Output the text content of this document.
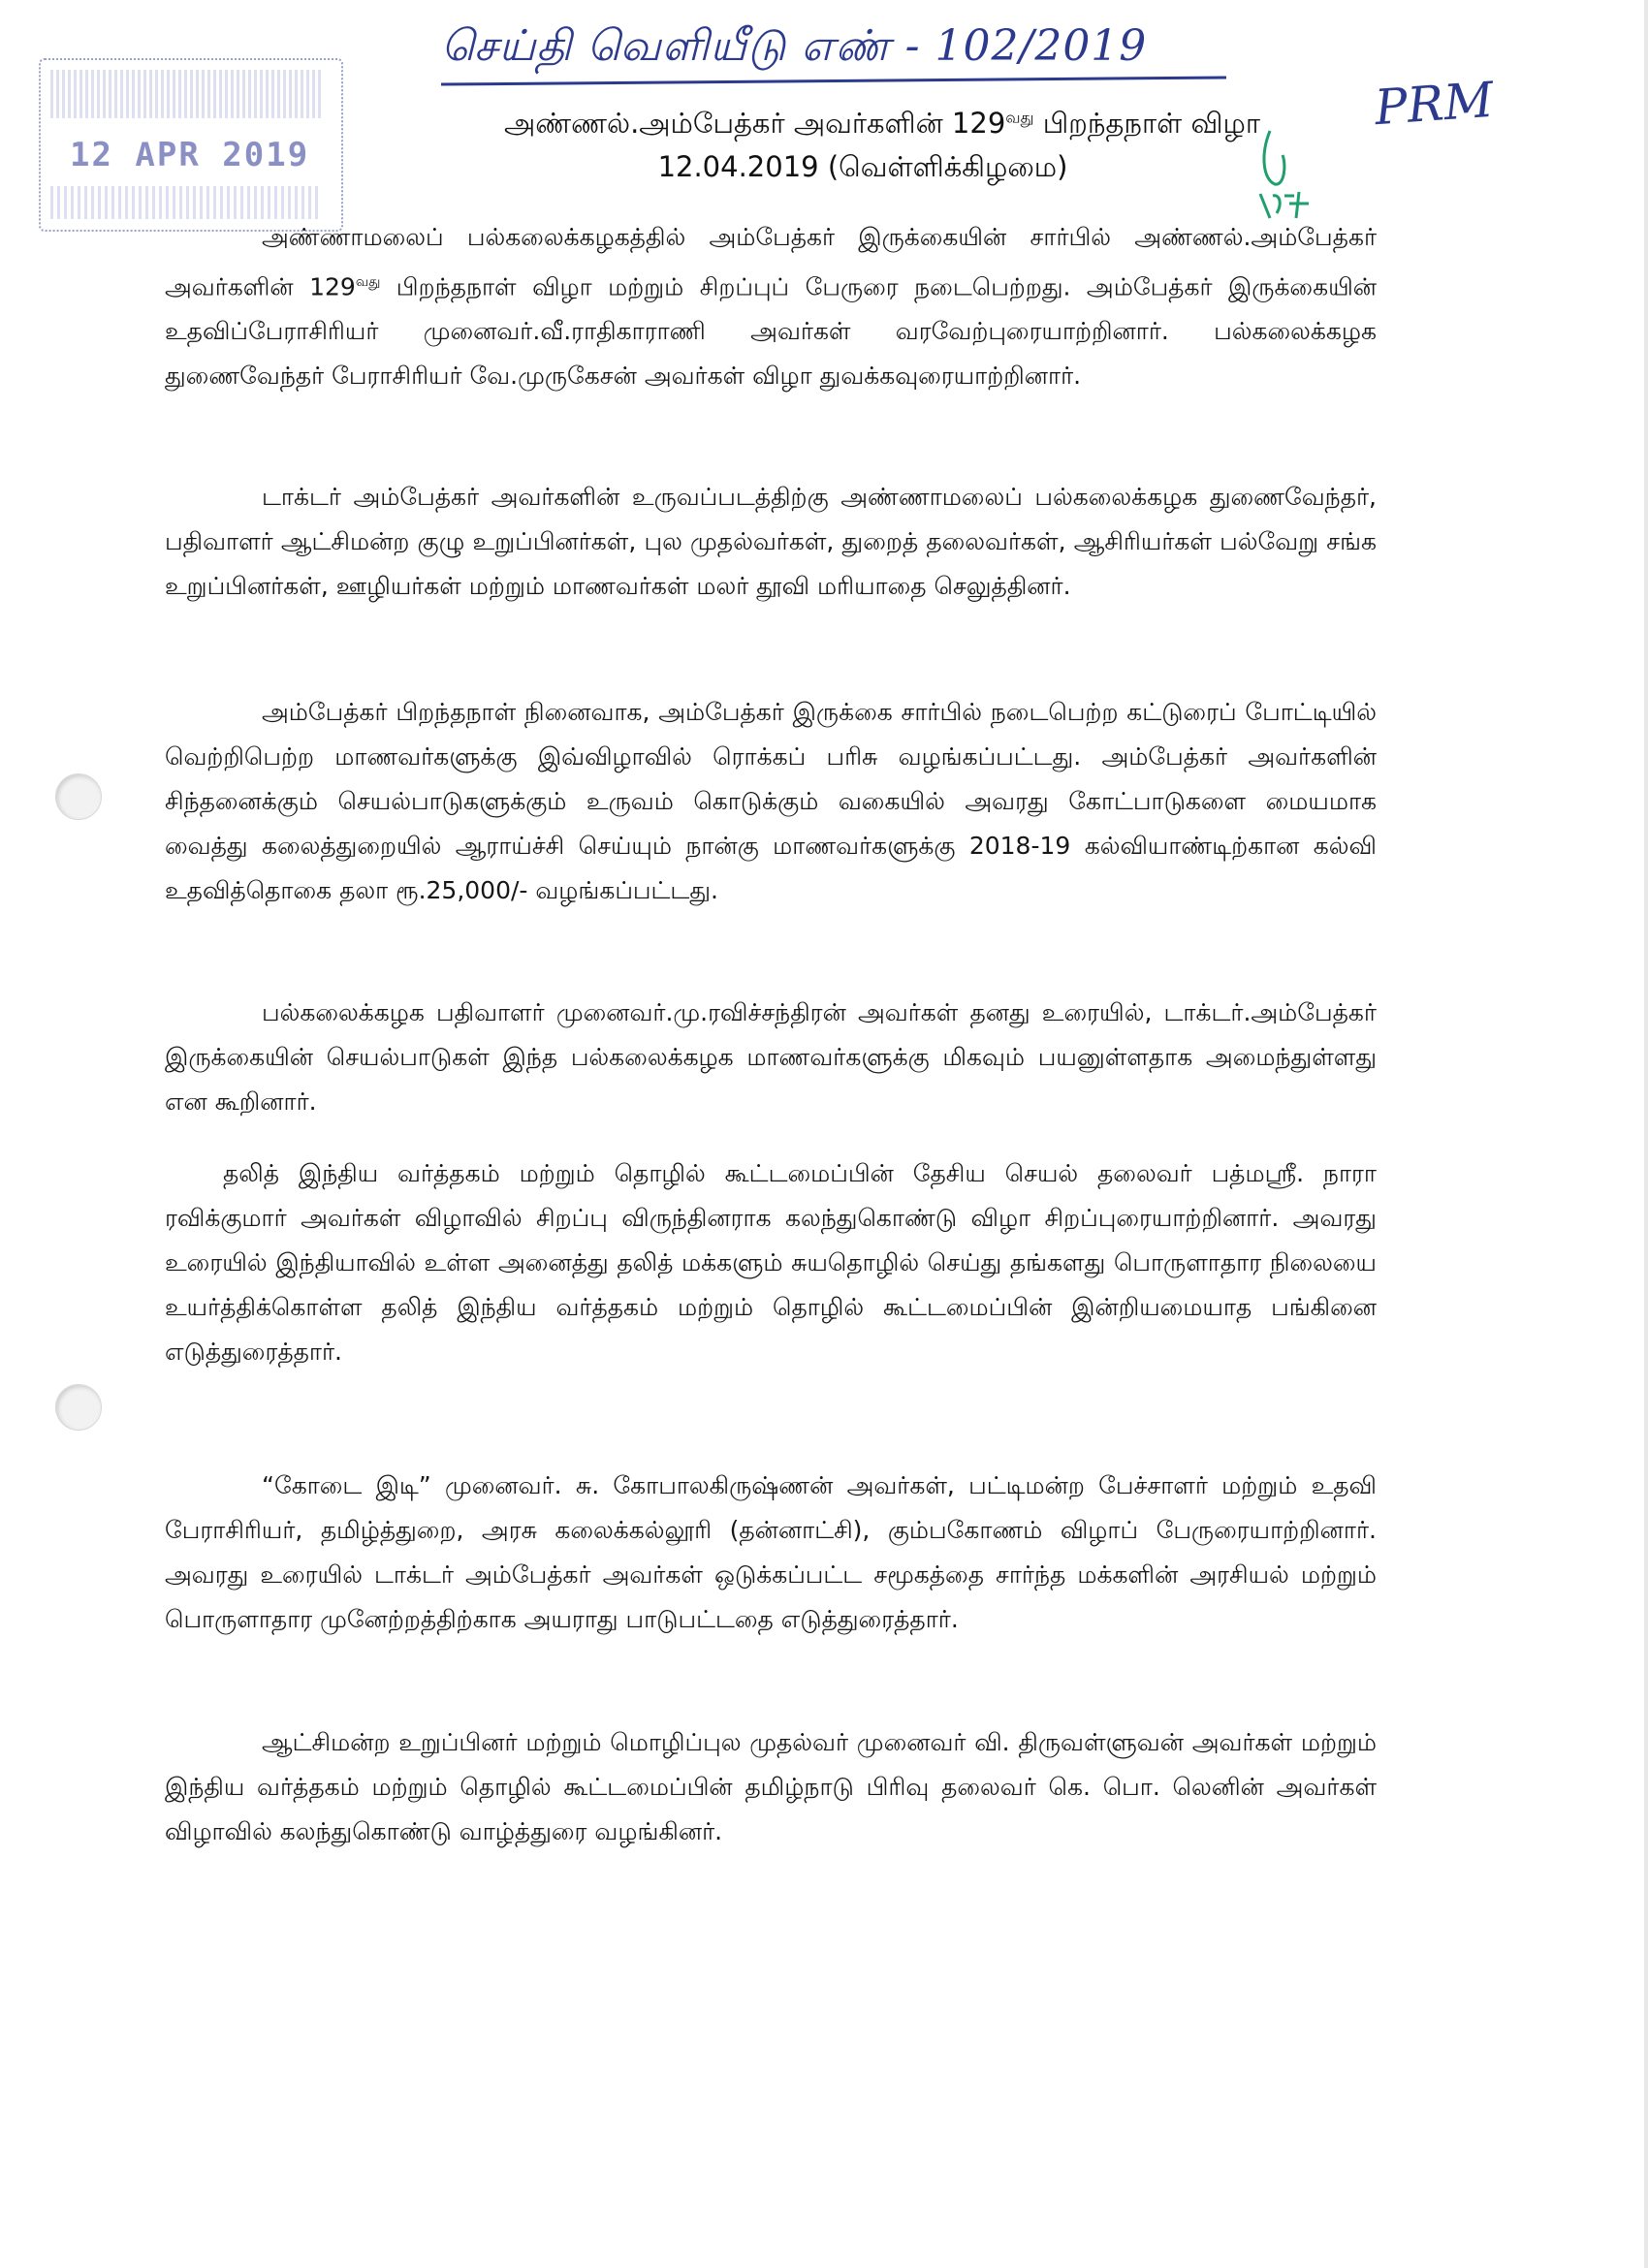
12 APR 2019
செய்தி வெளியீடு எண் - 102/2019
PRM
அண்ணல்.அம்பேத்கர் அவர்களின் $129^{வது}$ பிறந்தநாள் விழா
12.04.2019 (வெள்ளிக்கிழமை)
அண்ணாமலைப் பல்கலைக்கழகத்தில் அம்பேத்கர் இருக்கையின் சார்பில் அண்ணல்.அம்பேத்கர் அவர்களின் $129^{வது}$ பிறந்தநாள் விழா மற்றும் சிறப்புப் பேருரை நடைபெற்றது. அம்பேத்கர் இருக்கையின் உதவிப்பேராசிரியர் முனைவர்.வீ.ராதிகாராணி அவர்கள் வரவேற்புரையாற்றினார். பல்கலைக்கழக துணைவேந்தர் பேராசிரியர் வே.முருகேசன் அவர்கள் விழா துவக்கவுரையாற்றினார்.
டாக்டர் அம்பேத்கர் அவர்களின் உருவப்படத்திற்கு அண்ணாமலைப் பல்கலைக்கழக துணைவேந்தர், பதிவாளர் ஆட்சிமன்ற குழு உறுப்பினர்கள், புல முதல்வர்கள், துறைத் தலைவர்கள், ஆசிரியர்கள் பல்வேறு சங்க உறுப்பினர்கள், ஊழியர்கள் மற்றும் மாணவர்கள் மலர் தூவி மரியாதை செலுத்தினர்.
அம்பேத்கர் பிறந்தநாள் நினைவாக, அம்பேத்கர் இருக்கை சார்பில் நடைபெற்ற கட்டுரைப் போட்டியில் வெற்றிபெற்ற மாணவர்களுக்கு இவ்விழாவில் ரொக்கப் பரிசு வழங்கப்பட்டது. அம்பேத்கர் அவர்களின் சிந்தனைக்கும் செயல்பாடுகளுக்கும் உருவம் கொடுக்கும் வகையில் அவரது கோட்பாடுகளை மையமாக வைத்து கலைத்துறையில் ஆராய்ச்சி செய்யும் நான்கு மாணவர்களுக்கு 2018-19 கல்வியாண்டிற்கான கல்வி உதவித்தொகை தலா ரூ.25,000/- வழங்கப்பட்டது.
பல்கலைக்கழக பதிவாளர் முனைவர்.மு.ரவிச்சந்திரன் அவர்கள் தனது உரையில், டாக்டர்.அம்பேத்கர் இருக்கையின் செயல்பாடுகள் இந்த பல்கலைக்கழக மாணவர்களுக்கு மிகவும் பயனுள்ளதாக அமைந்துள்ளது என கூறினார்.
தலித் இந்திய வர்த்தகம் மற்றும் தொழில் கூட்டமைப்பின் தேசிய செயல் தலைவர் பத்மஸ்ரீ. நாரா ரவிக்குமார் அவர்கள் விழாவில் சிறப்பு விருந்தினராக கலந்துகொண்டு விழா சிறப்புரையாற்றினார். அவரது உரையில் இந்தியாவில் உள்ள அனைத்து தலித் மக்களும் சுயதொழில் செய்து தங்களது பொருளாதார நிலையை உயர்த்திக்கொள்ள தலித் இந்திய வர்த்தகம் மற்றும் தொழில் கூட்டமைப்பின் இன்றியமையாத பங்கினை எடுத்துரைத்தார்.
“கோடை இடி” முனைவர். சு. கோபாலகிருஷ்ணன் அவர்கள், பட்டிமன்ற பேச்சாளர் மற்றும் உதவி பேராசிரியர், தமிழ்த்துறை, அரசு கலைக்கல்லூரி (தன்னாட்சி), கும்பகோணம் விழாப் பேருரையாற்றினார். அவரது உரையில் டாக்டர் அம்பேத்கர் அவர்கள் ஒடுக்கப்பட்ட சமூகத்தை சார்ந்த மக்களின் அரசியல் மற்றும் பொருளாதார முனேற்றத்திற்காக அயராது பாடுபட்டதை எடுத்துரைத்தார்.
ஆட்சிமன்ற உறுப்பினர் மற்றும் மொழிப்புல முதல்வர் முனைவர் வி. திருவள்ளுவன் அவர்கள் மற்றும் இந்திய வர்த்தகம் மற்றும் தொழில் கூட்டமைப்பின் தமிழ்நாடு பிரிவு தலைவர் கெ. பொ. லெனின் அவர்கள் விழாவில் கலந்துகொண்டு வாழ்த்துரை வழங்கினர்.
